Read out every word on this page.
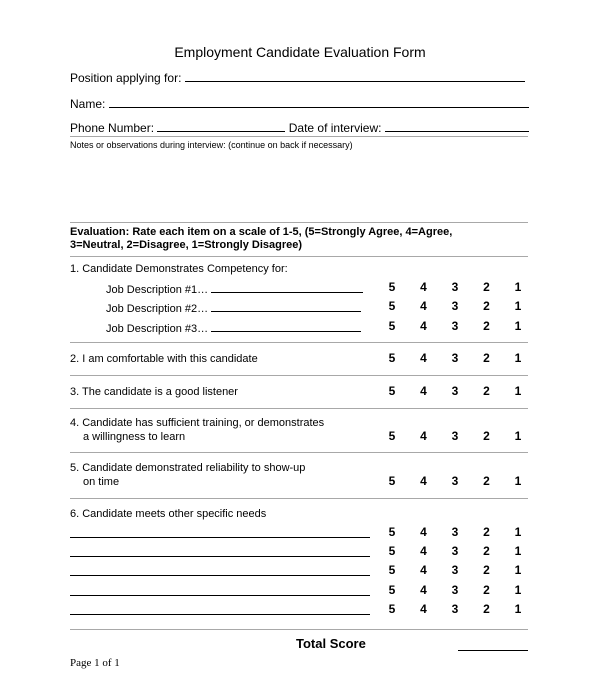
Employment Candidate Evaluation Form
Position applying for:
Name:
Phone Number:	Date of interview:
Notes or observations during interview: (continue on back if necessary)
Evaluation: Rate each item on a scale of 1-5, (5=Strongly Agree, 4=Agree,
3=Neutral, 2=Disagree, 1=Strongly Disagree)
1. Candidate Demonstrates Competency for:
Job Description #1…	5	4	3	2	1
Job Description #2…	5	4	3	2	1
Job Description #3…	5	4	3	2	1
2. I am comfortable with this candidate	5	4	3	2	1
3. The candidate is a good listener	5	4	3	2	1
4. Candidate has sufficient training, or demonstrates
a willingness to learn	5	4	3	2	1
5. Candidate demonstrated reliability to show-up
on time	5	4	3	2	1
6. Candidate meets other specific needs
5	4	3	2	1
5	4	3	2	1
5	4	3	2	1
5	4	3	2	1
5	4	3	2	1
Total Score
Page 1 of 1
